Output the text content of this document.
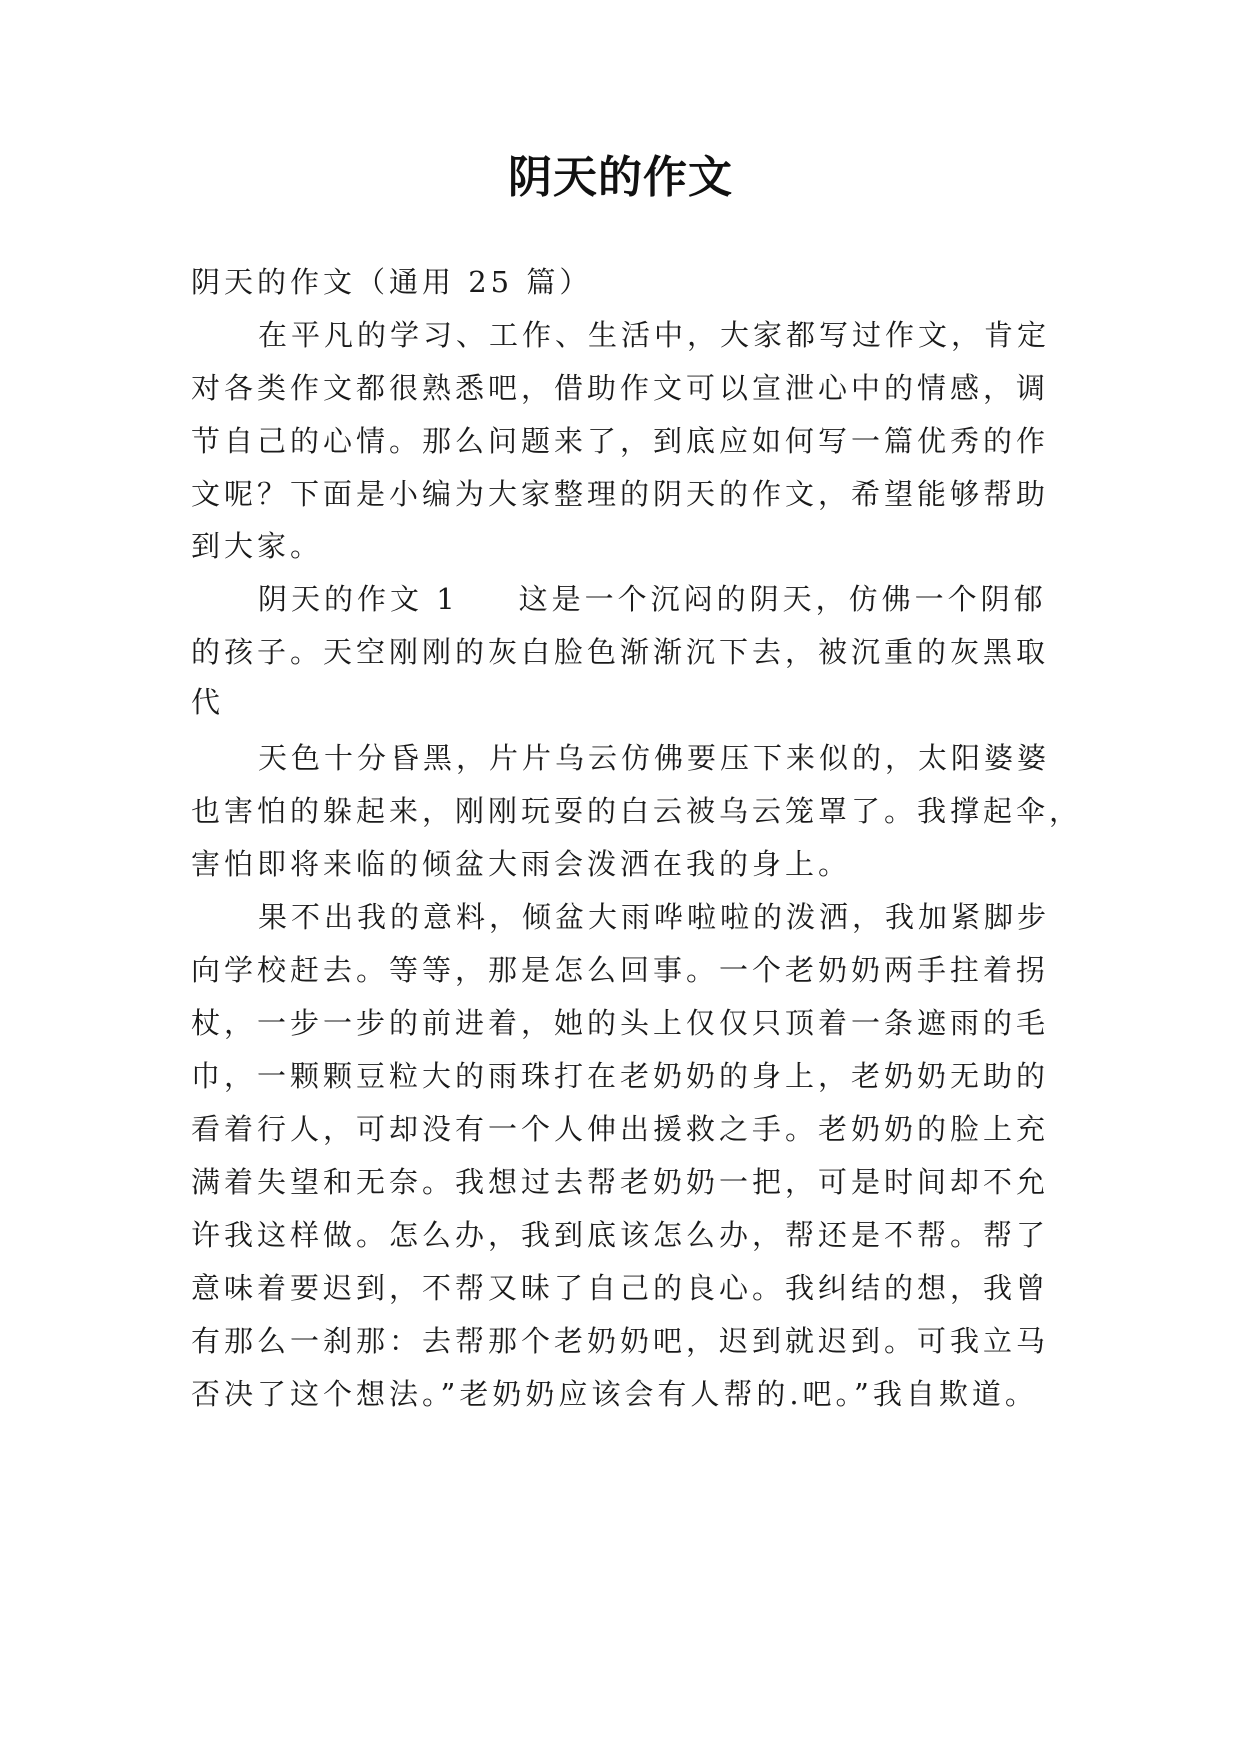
阴天的作文

阴天的作文（通用 25 篇）

在平凡的学习、工作、生活中，大家都写过作文，肯定

对各类作文都很熟悉吧，借助作文可以宣泄心中的情感，调

节自己的心情。那么问题来了，到底应如何写一篇优秀的作

文呢？下面是小编为大家整理的阴天的作文，希望能够帮助

到大家。

阴天的作文 1 这是一个沉闷的阴天，仿佛一个阴郁

的孩子。天空刚刚的灰白脸色渐渐沉下去，被沉重的灰黑取

代

天色十分昏黑，片片乌云仿佛要压下来似的，太阳婆婆

也害怕的躲起来，刚刚玩耍的白云被乌云笼罩了。我撑起伞，

害怕即将来临的倾盆大雨会泼洒在我的身上。

果不出我的意料，倾盆大雨哗啦啦的泼洒，我加紧脚步

向学校赶去。等等，那是怎么回事。一个老奶奶两手拄着拐

杖，一步一步的前进着，她的头上仅仅只顶着一条遮雨的毛

巾，一颗颗豆粒大的雨珠打在老奶奶的身上，老奶奶无助的

看着行人，可却没有一个人伸出援救之手。老奶奶的脸上充

满着失望和无奈。我想过去帮老奶奶一把，可是时间却不允

许我这样做。怎么办，我到底该怎么办，帮还是不帮。帮了

意味着要迟到，不帮又昧了自己的良心。我纠结的想，我曾

有那么一刹那：去帮那个老奶奶吧，迟到就迟到。可我立马

否决了这个想法。”老奶奶应该会有人帮的.吧。”我自欺道。
